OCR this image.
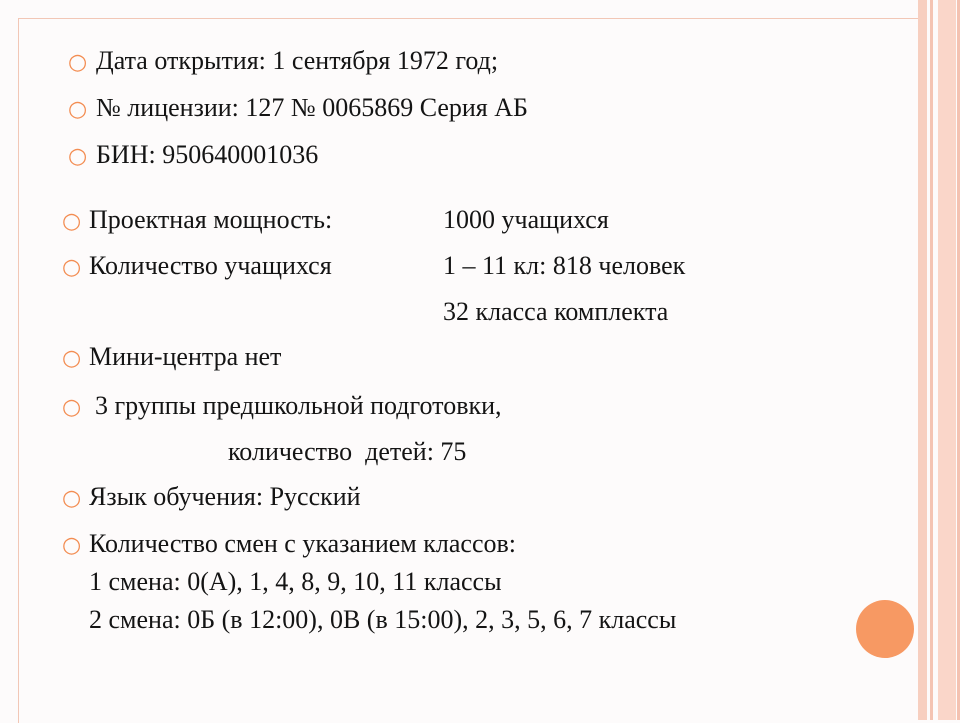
○ Дата открытия: 1 сентября 1972 год;
○ № лицензии: 127 № 0065869 Серия АБ
○ БИН: 950640001036
○ Проектная мощность:	1000 учащихся
○ Количество учащихся	1 – 11 кл: 818 человек
32 класса комплекта
○ Мини-центра нет
○ 3 группы предшкольной подготовки,
количество  детей: 75
○ Язык обучения: Русский
○ Количество смен с указанием классов:
1 смена: 0(А), 1, 4, 8, 9, 10, 11 классы
2 смена: 0Б (в 12:00), 0В (в 15:00), 2, 3, 5, 6, 7 классы
